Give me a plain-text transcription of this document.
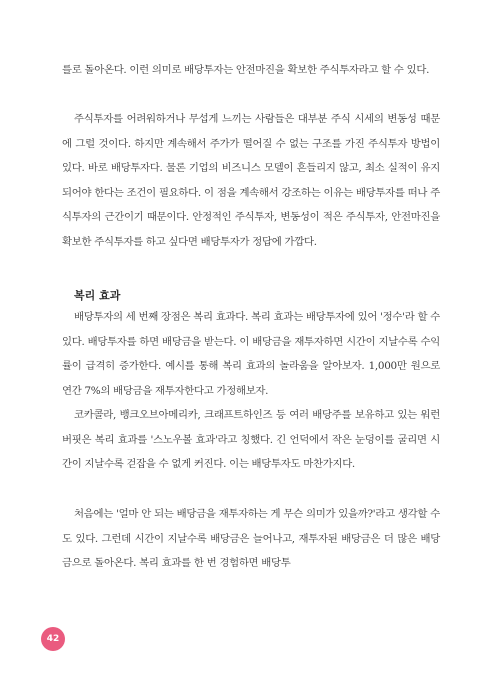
를로 돌아온다. 이런 의미로 배당투자는 안전마진을 확보한 주식투자라고 할 수 있다.

주식투자를 어려워하거나 무섭게 느끼는 사람들은 대부분 주식 시세의 변동성 때문에 그럴 것이다. 하지만 계속해서 주가가 떨어질 수 없는 구조를 가진 주식투자 방법이 있다. 바로 배당투자다. 물론 기업의 비즈니스 모델이 흔들리지 않고, 최소 실적이 유지되어야 한다는 조건이 필요하다. 이 점을 계속해서 강조하는 이유는 배당투자를 떠나 주식투자의 근간이기 때문이다. 안정적인 주식투자, 변동성이 적은 주식투자, 안전마진을 확보한 주식투자를 하고 싶다면 배당투자가 정답에 가깝다.

복리 효과

배당투자의 세 번째 장점은 복리 효과다. 복리 효과는 배당투자에 있어 '정수'라 할 수 있다. 배당투자를 하면 배당금을 받는다. 이 배당금을 재투자하면 시간이 지날수록 수익률이 급격히 증가한다. 예시를 통해 복리 효과의 놀라움을 알아보자. 1,000만 원으로 연간 7%의 배당금을 재투자한다고 가정해보자.

코카콜라, 뱅크오브아메리카, 크래프트하인즈 등 여러 배당주를 보유하고 있는 워런 버핏은 복리 효과를 '스노우볼 효과'라고 칭했다. 긴 언덕에서 작은 눈덩이를 굴리면 시간이 지날수록 걷잡을 수 없게 커진다. 이는 배당투자도 마찬가지다.

처음에는 '얼마 안 되는 배당금을 재투자하는 게 무슨 의미가 있을까?'라고 생각할 수도 있다. 그런데 시간이 지날수록 배당금은 늘어나고, 재투자된 배당금은 더 많은 배당금으로 돌아온다. 복리 효과를 한 번 경험하면 배당투

42
